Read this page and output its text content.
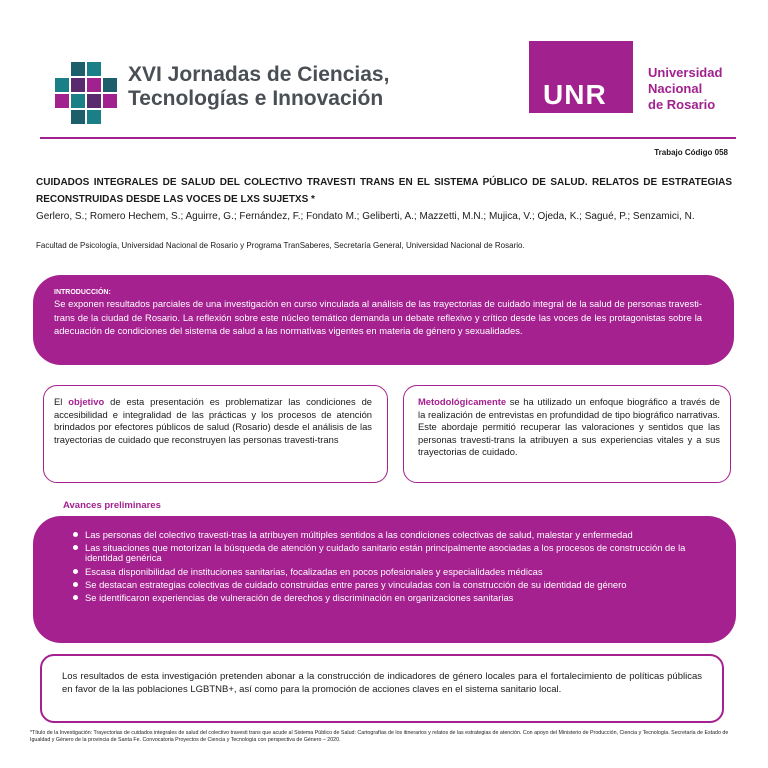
XVI Jornadas de Ciencias,
Tecnologías e Innovación	UNR
Universidad
Nacional
de Rosario
Trabajo Código 058
CUIDADOS INTEGRALES DE SALUD DEL COLECTIVO TRAVESTI TRANS EN EL SISTEMA PÚBLICO DE SALUD. RELATOS DE ESTRATEGIAS RECONSTRUIDAS DESDE LAS VOCES DE LXS SUJETXS *
Gerlero, S.; Romero Hechem, S.; Aguirre, G.; Fernández, F.; Fondato M.; Geliberti, A.; Mazzetti, M.N.; Mujica, V.; Ojeda, K.; Sagué, P.; Senzamici, N.
Facultad de Psicología, Universidad Nacional de Rosario y Programa TranSaberes, Secretaría General, Universidad Nacional de Rosario.
INTRODUCCIÓN:

Se exponen resultados parciales de una investigación en curso vinculada al análisis de las trayectorias de cuidado integral de la salud de personas travesti- trans de la ciudad de Rosario. La reflexión sobre este núcleo temático demanda un debate reflexivo y crítico desde las voces de les protagonistas sobre la adecuación de condiciones del sistema de salud a las normativas vigentes en materia de género y sexualidades.

El objetivo de esta presentación es problematizar las condiciones de accesibilidad e integralidad de las prácticas y los procesos de atención brindados por efectores públicos de salud (Rosario) desde el análisis de las trayectorias de cuidado que reconstruyen las personas travesti-trans

Metodológicamente se ha utilizado un enfoque biográfico a través de la realización de entrevistas en profundidad de tipo biográfico narrativas. Este abordaje permitió recuperar las valoraciones y sentidos que las personas travesti-trans la atribuyen a sus experiencias vitales y a sus trayectorias de cuidado.

Avances preliminares
Las personas del colectivo travesti-tras la atribuyen múltiples sentidos a las condiciones colectivas de salud, malestar y enfermedad
Las situaciones que motorizan la búsqueda de atención y cuidado sanitario están principalmente asociadas a los procesos de construcción de la identidad genérica
Escasa disponibilidad de instituciones sanitarias, focalizadas en pocos pofesionales y especialidades médicas
Se destacan estrategias colectivas de cuidado construidas entre pares y vinculadas con la construcción de su identidad de género
Se identificaron experiencias de vulneración de derechos y discriminación en organizaciones sanitarias

Los resultados de esta investigación pretenden abonar a la construcción de indicadores de género locales para el fortalecimiento de políticas públicas en favor de la las poblaciones LGBTNB+, así como para la promoción de acciones claves en el sistema sanitario local.

*Título de la Investigación: Trayectorias de cuidados integrales de salud del colectivo travesti trans que acude al Sistema Público de Salud: Cartografías de los itinerarios y relatos de las estrategias de atención. Con apoyo del Ministerio de Producción, Ciencia y Tecnología. Secretaría de Estado de Igualdad y Género de la provincia de Santa Fe. Convocatoria Proyectos de Ciencia y Tecnología con perspectiva de Género – 2020.
